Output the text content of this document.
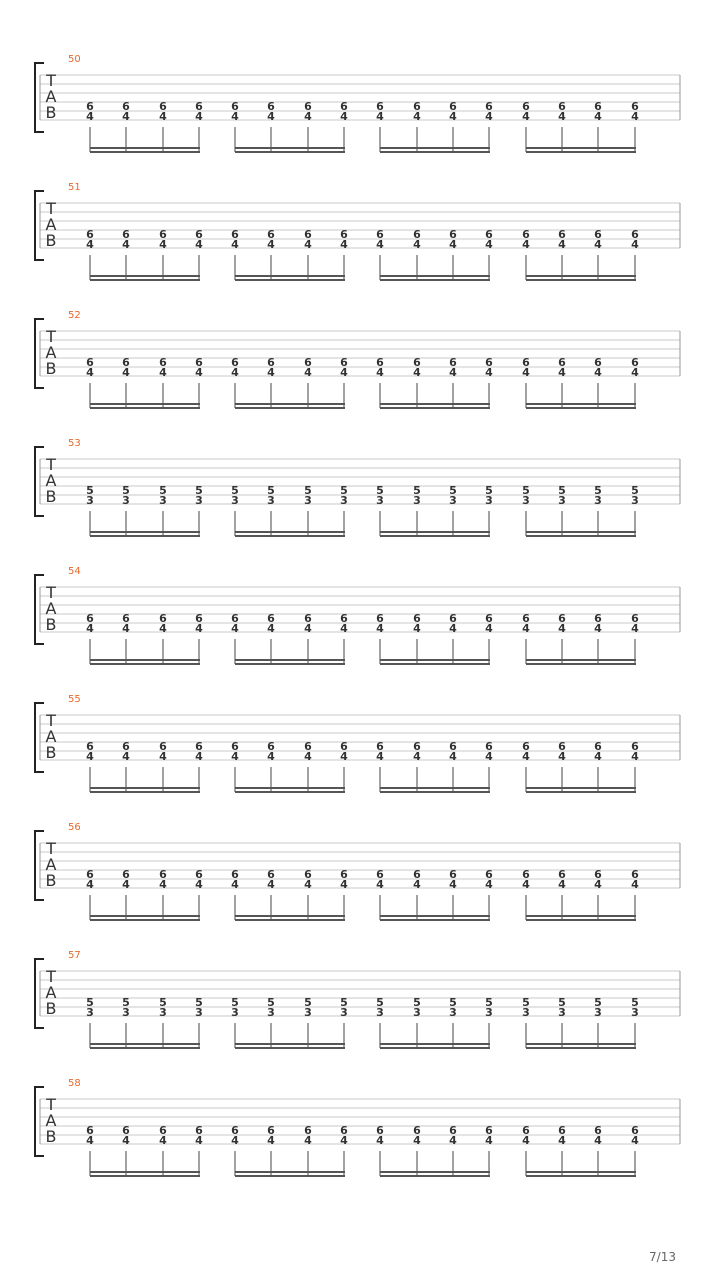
50
T
A
B	6
4
6
4
6
4
6
4
6
4
6
4
6
4
6
4
6
4
6
4
6
4
6
4
6
4
6
4
6
4
6
4
51
T
A
B	6
4
6
4
6
4
6
4
6
4
6
4
6
4
6
4
6
4
6
4
6
4
6
4
6
4
6
4
6
4
6
4
52
T
A
B	6
4
6
4
6
4
6
4
6
4
6
4
6
4
6
4
6
4
6
4
6
4
6
4
6
4
6
4
6
4
6
4
53
T
A
B	5
3
5
3
5
3
5
3
5
3
5
3
5
3
5
3
5
3
5
3
5
3
5
3
5
3
5
3
5
3
5
3
54
T
A
B	6
4
6
4
6
4
6
4
6
4
6
4
6
4
6
4
6
4
6
4
6
4
6
4
6
4
6
4
6
4
6
4
55
T
A
B	6
4
6
4
6
4
6
4
6
4
6
4
6
4
6
4
6
4
6
4
6
4
6
4
6
4
6
4
6
4
6
4
56
T
A
B	6
4
6
4
6
4
6
4
6
4
6
4
6
4
6
4
6
4
6
4
6
4
6
4
6
4
6
4
6
4
6
4
57
T
A
B	5
3
5
3
5
3
5
3
5
3
5
3
5
3
5
3
5
3
5
3
5
3
5
3
5
3
5
3
5
3
5
3
58
T
A
B	6
4
6
4
6
4
6
4
6
4
6
4
6
4
6
4
6
4
6
4
6
4
6
4
6
4
6
4
6
4
6
4
7/13
